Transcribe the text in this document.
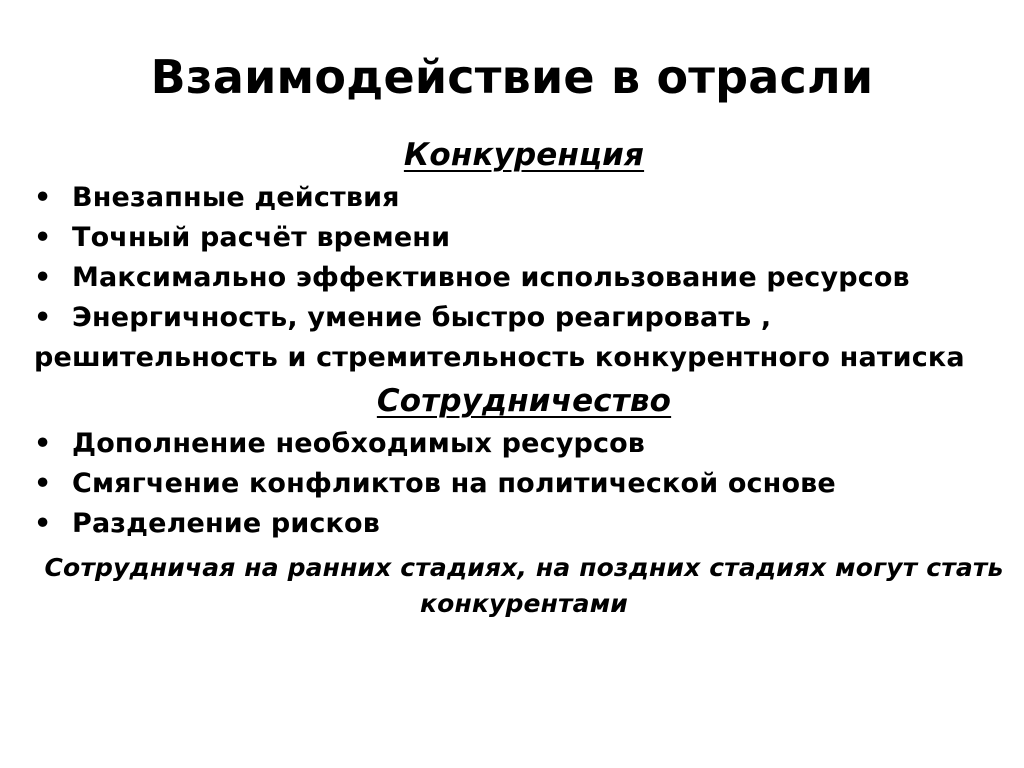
Взаимодействие в отрасли
Конкуренция
• Внезапные действия
• Точный расчёт времени
• Максимально эффективное использование ресурсов
• Энергичность, умение быстро реагировать , решительность и стремительность конкурентного натиска
Сотрудничество
• Дополнение необходимых ресурсов
• Смягчение конфликтов на политической основе
• Разделение рисков
Сотрудничая на ранних стадиях, на поздних стадиях могут стать конкурентами
